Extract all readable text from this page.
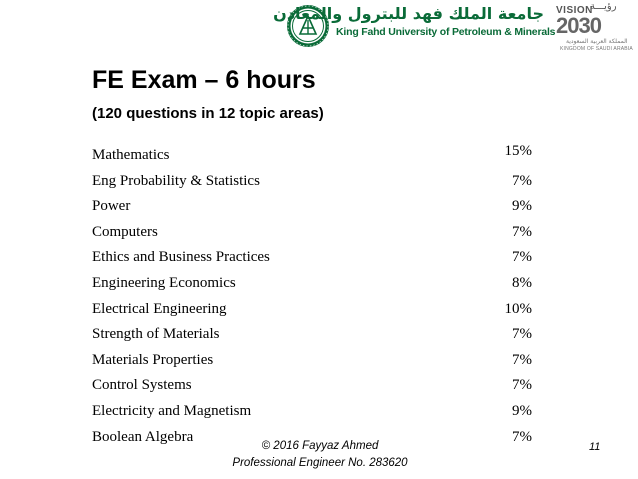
جامعة الملك فهد للبترول والمعادن
King Fahd University of Petroleum & Minerals
VISION
رؤيـــة
2030
المملكة العربية السعودية
KINGDOM OF SAUDI ARABIA
FE Exam – 6 hours
(120 questions in 12 topic areas)
Mathematics	15%
Eng Probability & Statistics	7%
Power	9%
Computers	7%
Ethics and Business Practices	7%
Engineering Economics	8%
Electrical Engineering	10%
Strength of Materials	7%
Materials Properties	7%
Control Systems	7%
Electricity and Magnetism	9%
Boolean Algebra	7%
© 2016 Fayyaz Ahmed
Professional Engineer No. 283620
11
